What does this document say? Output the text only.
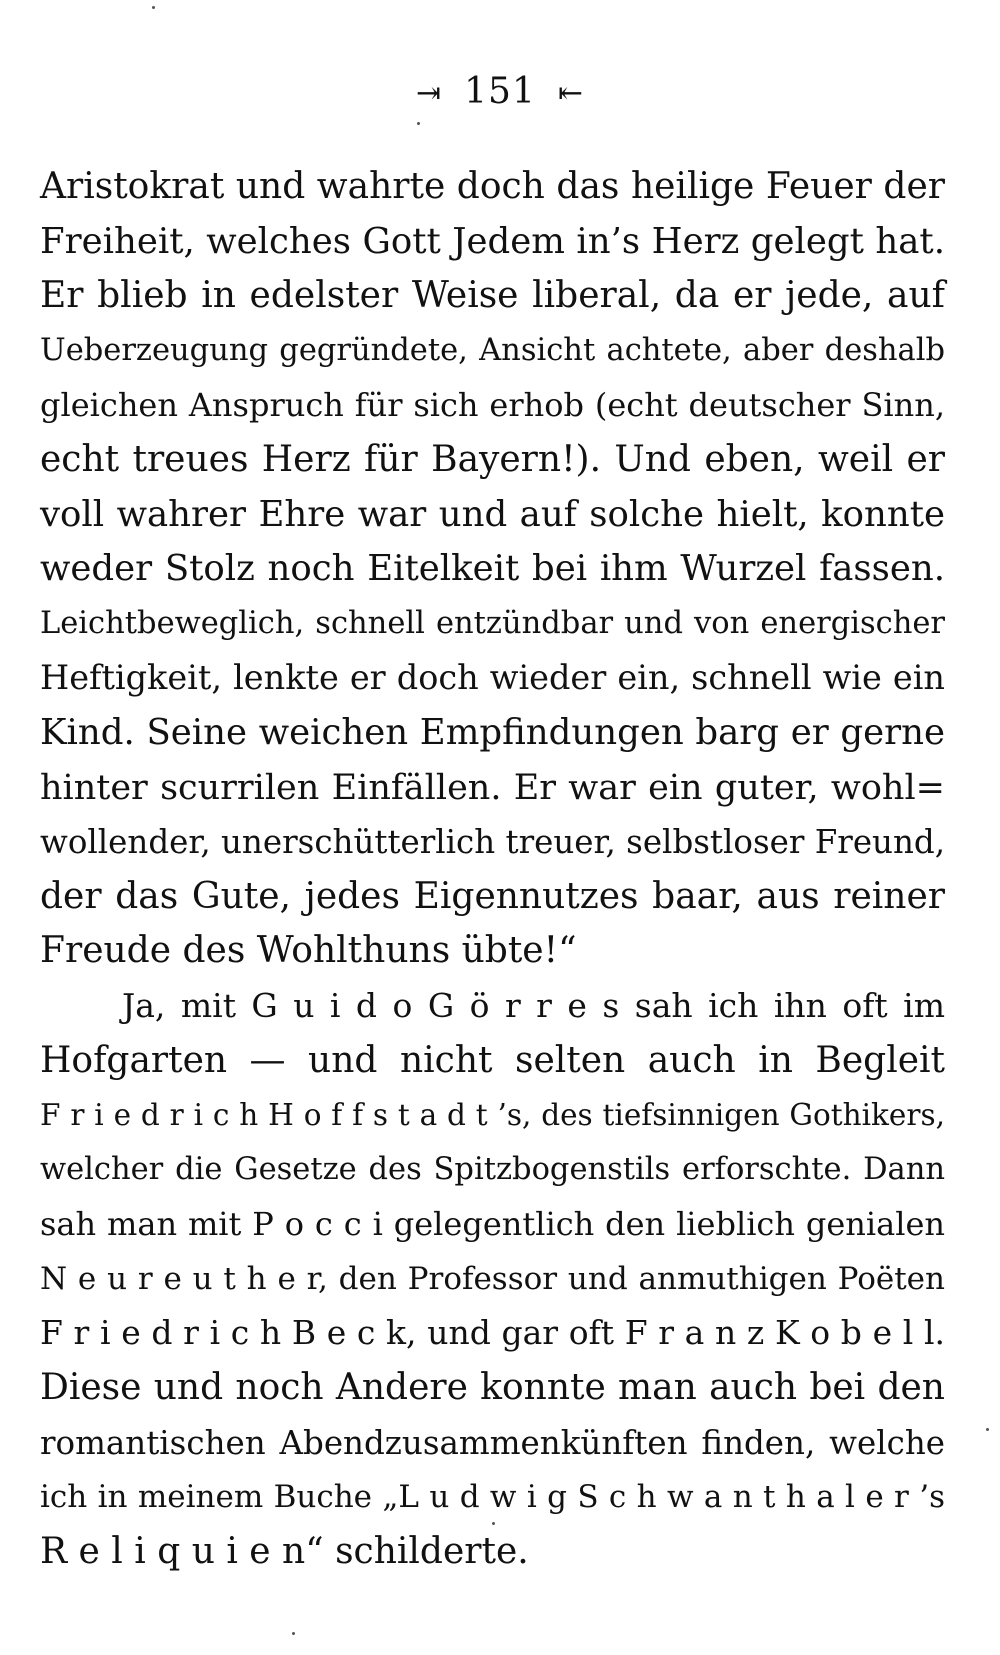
⇥ 151 ⇤
Aristokrat und wahrte doch das heilige Feuer der
Freiheit, welches Gott Jedem in’s Herz gelegt hat.
Er blieb in edelster Weise liberal, da er jede, auf
Ueberzeugung gegründete, Ansicht achtete, aber deshalb
gleichen Anspruch für sich erhob (echt deutscher Sinn,
echt treues Herz für Bayern!). Und eben, weil er
voll wahrer Ehre war und auf solche hielt, konnte
weder Stolz noch Eitelkeit bei ihm Wurzel fassen.
Leichtbeweglich, schnell entzündbar und von energischer
Heftigkeit, lenkte er doch wieder ein, schnell wie ein
Kind. Seine weichen Empfindungen barg er gerne
hinter scurrilen Einfällen. Er war ein guter, wohl=
wollender, unerschütterlich treuer, selbstloser Freund,
der das Gute, jedes Eigennutzes baar, aus reiner
Freude des Wohlthuns übte!“
Ja, mit G u i d o G ö r r e s sah ich ihn oft im
Hofgarten — und nicht selten auch in Begleit
F r i e d r i c h H o f f s t a d t ’s, des tiefsinnigen Gothikers,
welcher die Gesetze des Spitzbogenstils erforschte. Dann
sah man mit P o c c i gelegentlich den lieblich genialen
N e u r e u t h e r, den Professor und anmuthigen Poëten
F r i e d r i c h B e c k, und gar oft F r a n z K o b e l l.
Diese und noch Andere konnte man auch bei den
romantischen Abendzusammenkünften finden, welche
ich in meinem Buche „L u d w i g S c h w a n t h a l e r ’s
R e l i q u i e n“ schilderte.
